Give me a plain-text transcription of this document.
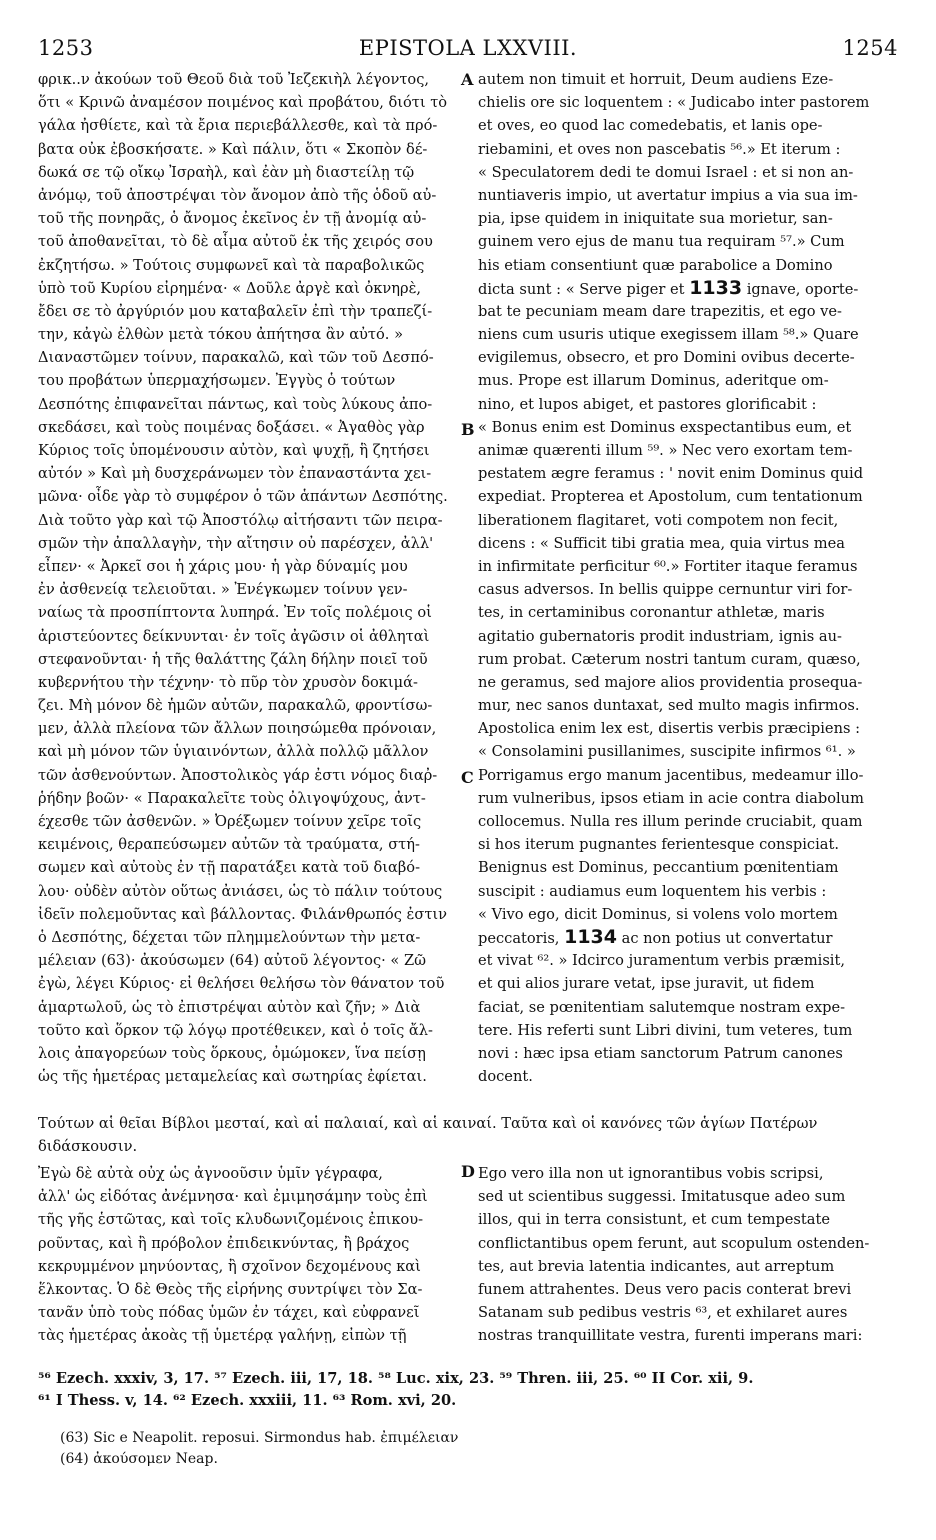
1253	EPISTOLA LXXVIII.	1254
φρικ..ν ἀκούων τοῦ Θεοῦ διὰ τοῦ Ἰεζεκιὴλ λέγοντος,
ὅτι « Κρινῶ ἀναμέσον ποιμένος καὶ προβάτου, διότι τὸ
γάλα ἠσθίετε, καὶ τὰ ἔρια περιεβάλλεσθε, καὶ τὰ πρό-
βατα οὐκ ἐβοσκήσατε. » Καὶ πάλιν, ὅτι « Σκοπὸν δέ-
δωκά σε τῷ οἴκῳ Ἰσραὴλ, καὶ ἐὰν μὴ διαστείλῃ τῷ
ἀνόμῳ, τοῦ ἀποστρέψαι τὸν ἄνομον ἀπὸ τῆς ὁδοῦ αὐ-
τοῦ τῆς πονηρᾶς, ὁ ἄνομος ἐκεῖνος ἐν τῇ ἀνομίᾳ αὐ-
τοῦ ἀποθανεῖται, τὸ δὲ αἷμα αὐτοῦ ἐκ τῆς χειρός σου
ἐκζητήσω. » Τούτοις συμφωνεῖ καὶ τὰ παραβολικῶς
ὑπὸ τοῦ Κυρίου εἰρημένα· « Δοῦλε ἀργὲ καὶ ὀκνηρὲ,
ἔδει σε τὸ ἀργύριόν μου καταβαλεῖν ἐπὶ τὴν τραπεζί-
την, κἀγὼ ἐλθὼν μετὰ τόκου ἀπήτησα ἂν αὐτό. »
Διαναστῶμεν τοίνυν, παρακαλῶ, καὶ τῶν τοῦ Δεσπό-
του προβάτων ὑπερμαχήσωμεν. Ἐγγὺς ὁ τούτων
Δεσπότης ἐπιφανεῖται πάντως, καὶ τοὺς λύκους ἀπο-
σκεδάσει, καὶ τοὺς ποιμένας δοξάσει. « Ἀγαθὸς γὰρ
Κύριος τοῖς ὑπομένουσιν αὐτὸν, καὶ ψυχῇ, ἣ ζητήσει
αὐτόν » Καὶ μὴ δυσχεράνωμεν τὸν ἐπαναστάντα χει-
μῶνα· οἶδε γὰρ τὸ συμφέρον ὁ τῶν ἁπάντων Δεσπότης.
Διὰ τοῦτο γὰρ καὶ τῷ Ἀποστόλῳ αἰτήσαντι τῶν πειρα-
σμῶν τὴν ἀπαλλαγὴν, τὴν αἴτησιν οὐ παρέσχεν, ἀλλ'
εἶπεν· « Ἀρκεῖ σοι ἡ χάρις μου· ἡ γὰρ δύναμίς μου
ἐν ἀσθενείᾳ τελειοῦται. » Ἐνέγκωμεν τοίνυν γεν-
ναίως τὰ προσπίπτοντα λυπηρά. Ἐν τοῖς πολέμοις οἱ
ἀριστεύοντες δείκνυνται· ἐν τοῖς ἀγῶσιν οἱ ἀθληταὶ
στεφανοῦνται· ἡ τῆς θαλάττης ζάλη δήλην ποιεῖ τοῦ
κυβερνήτου τὴν τέχνην· τὸ πῦρ τὸν χρυσὸν δοκιμά-
ζει. Μὴ μόνον δὲ ἡμῶν αὐτῶν, παρακαλῶ, φροντίσω-
μεν, ἀλλὰ πλείονα τῶν ἄλλων ποιησώμεθα πρόνοιαν,
καὶ μὴ μόνον τῶν ὑγιαινόντων, ἀλλὰ πολλῷ μᾶλλον
τῶν ἀσθενούντων. Ἀποστολικὸς γάρ ἐστι νόμος διαῤ-
ῥήδην βοῶν· « Παρακαλεῖτε τοὺς ὀλιγοψύχους, ἀντ-
έχεσθε τῶν ἀσθενῶν. » Ὀρέξωμεν τοίνυν χεῖρε τοῖς
κειμένοις, θεραπεύσωμεν αὐτῶν τὰ τραύματα, στή-
σωμεν καὶ αὐτοὺς ἐν τῇ παρατάξει κατὰ τοῦ διαβό-
λου· οὐδὲν αὐτὸν οὕτως ἀνιάσει, ὡς τὸ πάλιν τούτους
ἰδεῖν πολεμοῦντας καὶ βάλλοντας. Φιλάνθρωπός ἐστιν
ὁ Δεσπότης, δέχεται τῶν πλημμελούντων τὴν μετα-
μέλειαν (63)· ἀκούσωμεν (64) αὐτοῦ λέγοντος· « Ζῶ
ἐγὼ, λέγει Κύριος· εἰ θελήσει θελήσω τὸν θάνατον τοῦ
ἁμαρτωλοῦ, ὡς τὸ ἐπιστρέψαι αὐτὸν καὶ ζῆν; » Διὰ
τοῦτο καὶ ὅρκον τῷ λόγῳ προτέθεικεν, καὶ ὁ τοῖς ἄλ-
λοις ἀπαγορεύων τοὺς ὅρκους, ὀμώμοκεν, ἵνα πείσῃ
ὡς τῆς ἡμετέρας μεταμελείας καὶ σωτηρίας ἐφίεται.
autem non timuit et horruit, Deum audiens Eze-
chielis ore sic loquentem : « Judicabo inter pastorem
et oves, eo quod lac comedebatis, et lanis ope-
riebamini, et oves non pascebatis ⁵⁶.» Et iterum :
« Speculatorem dedi te domui Israel : et si non an-
nuntiaveris impio, ut avertatur impius a via sua im-
pia, ipse quidem in iniquitate sua morietur, san-
guinem vero ejus de manu tua requiram ⁵⁷.» Cum
his etiam consentiunt quæ parabolice a Domino
dicta sunt : « Serve piger et 1133 ignave, oporte-
bat te pecuniam meam dare trapezitis, et ego ve-
niens cum usuris utique exegissem illam ⁵⁸.» Quare
evigilemus, obsecro, et pro Domini ovibus decerte-
mus. Prope est illarum Dominus, aderitque om-
nino, et lupos abiget, et pastores glorificabit :
« Bonus enim est Dominus exspectantibus eum, et
animæ quærenti illum ⁵⁹. » Nec vero exortam tem-
pestatem ægre feramus : ' novit enim Dominus quid
expediat. Propterea et Apostolum, cum tentationum
liberationem flagitaret, voti compotem non fecit,
dicens : « Sufficit tibi gratia mea, quia virtus mea
in infirmitate perficitur ⁶⁰.» Fortiter itaque feramus
casus adversos. In bellis quippe cernuntur viri for-
tes, in certaminibus coronantur athletæ, maris
agitatio gubernatoris prodit industriam, ignis au-
rum probat. Cæterum nostri tantum curam, quæso,
ne geramus, sed majore alios providentia prosequa-
mur, nec sanos duntaxat, sed multo magis infirmos.
Apostolica enim lex est, disertis verbis præcipiens :
« Consolamini pusillanimes, suscipite infirmos ⁶¹. »
Porrigamus ergo manum jacentibus, medeamur illo-
rum vulneribus, ipsos etiam in acie contra diabolum
collocemus. Nulla res illum perinde cruciabit, quam
si hos iterum pugnantes ferientesque conspiciat.
Benignus est Dominus, peccantium pœnitentiam
suscipit : audiamus eum loquentem his verbis :
« Vivo ego, dicit Dominus, si volens volo mortem
peccatoris, 1134 ac non potius ut convertatur
et vivat ⁶². » Idcirco juramentum verbis præmisit,
et qui alios jurare vetat, ipse juravit, ut fidem
faciat, se pœnitentiam salutemque nostram expe-
tere. His referti sunt Libri divini, tum veteres, tum
novi : hæc ipsa etiam sanctorum Patrum canones
docent.
A
B
C
D
Τούτων αἱ θεῖαι Βίβλοι μεσταί, καὶ αἱ παλαιαί, καὶ αἱ καιναί. Ταῦτα καὶ οἱ κανόνες τῶν ἁγίων Πατέρων
διδάσκουσιν.
Ἐγὼ δὲ αὐτὰ οὐχ ὡς ἀγνοοῦσιν ὑμῖν γέγραφα,
ἀλλ' ὡς εἰδότας ἀνέμνησα· καὶ ἐμιμησάμην τοὺς ἐπὶ
τῆς γῆς ἑστῶτας, καὶ τοῖς κλυδωνιζομένοις ἐπικου-
ροῦντας, καὶ ἢ πρόβολον ἐπιδεικνύντας, ἢ βράχος
κεκρυμμένον μηνύοντας, ἢ σχοῖνον δεχομένους καὶ
ἕλκοντας. Ὁ δὲ Θεὸς τῆς εἰρήνης συντρίψει τὸν Σα-
τανᾶν ὑπὸ τοὺς πόδας ὑμῶν ἐν τάχει, καὶ εὐφρανεῖ
τὰς ἡμετέρας ἀκοὰς τῇ ὑμετέρᾳ γαλήνῃ, εἰπὼν τῇ
Ego vero illa non ut ignorantibus vobis scripsi,
sed ut scientibus suggessi. Imitatusque adeo sum
illos, qui in terra consistunt, et cum tempestate
conflictantibus opem ferunt, aut scopulum ostenden-
tes, aut brevia latentia indicantes, aut arreptum
funem attrahentes. Deus vero pacis conterat brevi
Satanam sub pedibus vestris ⁶³, et exhilaret aures
nostras tranquillitate vestra, furenti imperans mari:
⁵⁶ Ezech. xxxiv, 3, 17. ⁵⁷ Ezech. iii, 17, 18. ⁵⁸ Luc. xix, 23. ⁵⁹ Thren. iii, 25. ⁶⁰ II Cor. xii, 9.
⁶¹ I Thess. v, 14. ⁶² Ezech. xxxiii, 11. ⁶³ Rom. xvi, 20.
(63) Sic e Neapolit. reposui. Sirmondus hab. ἐπιμέλειαν
(64) ἀκούσομεν Neap.
